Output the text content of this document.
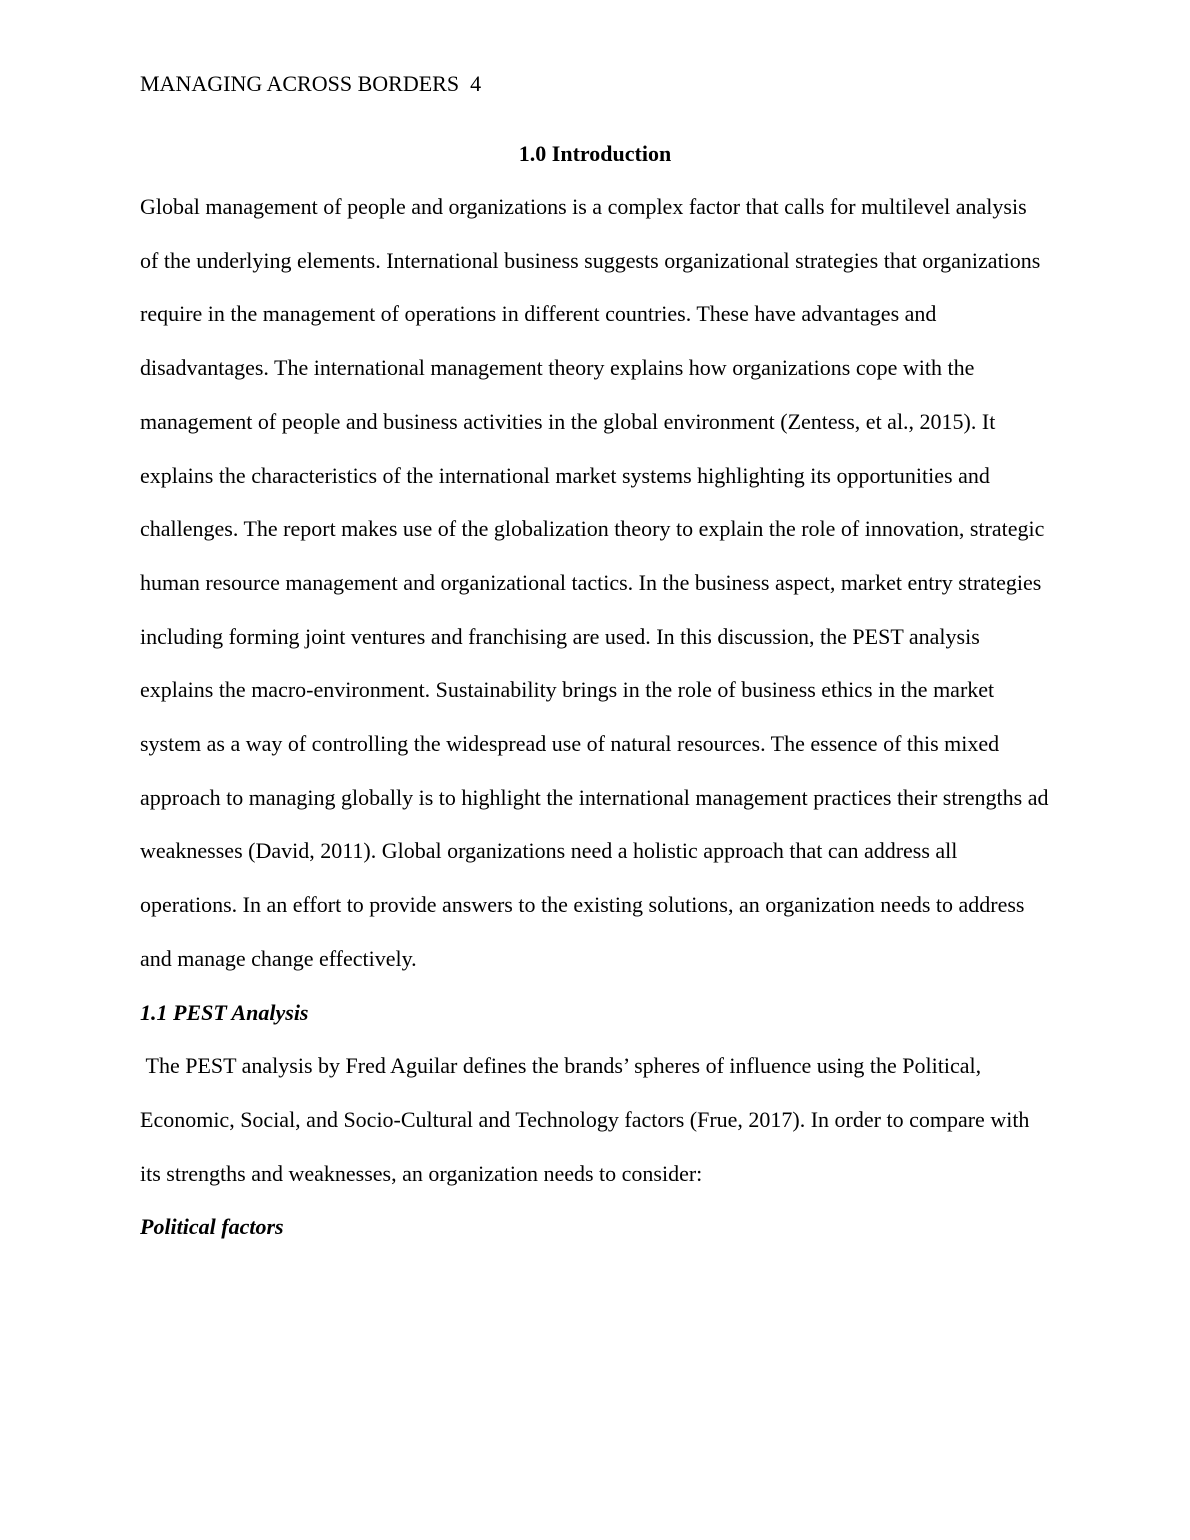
MANAGING ACROSS BORDERS 4
1.0 Introduction

Global management of people and organizations is a complex factor that calls for multilevel analysis of the underlying elements. International business suggests organizational strategies that organizations require in the management of operations in different countries. These have advantages and disadvantages. The international management theory explains how organizations cope with the management of people and business activities in the global environment (Zentess, et al., 2015). It explains the characteristics of the international market systems highlighting its opportunities and challenges. The report makes use of the globalization theory to explain the role of innovation, strategic human resource management and organizational tactics. In the business aspect, market entry strategies including forming joint ventures and franchising are used. In this discussion, the PEST analysis explains the macro-environment. Sustainability brings in the role of business ethics in the market system as a way of controlling the widespread use of natural resources. The essence of this mixed approach to managing globally is to highlight the international management practices their strengths ad weaknesses (David, 2011). Global organizations need a holistic approach that can address all operations. In an effort to provide answers to the existing solutions, an organization needs to address and manage change effectively.

1.1 PEST Analysis

The PEST analysis by Fred Aguilar defines the brands’ spheres of influence using the Political, Economic, Social, and Socio-Cultural and Technology factors (Frue, 2017). In order to compare with its strengths and weaknesses, an organization needs to consider:

Political factors
